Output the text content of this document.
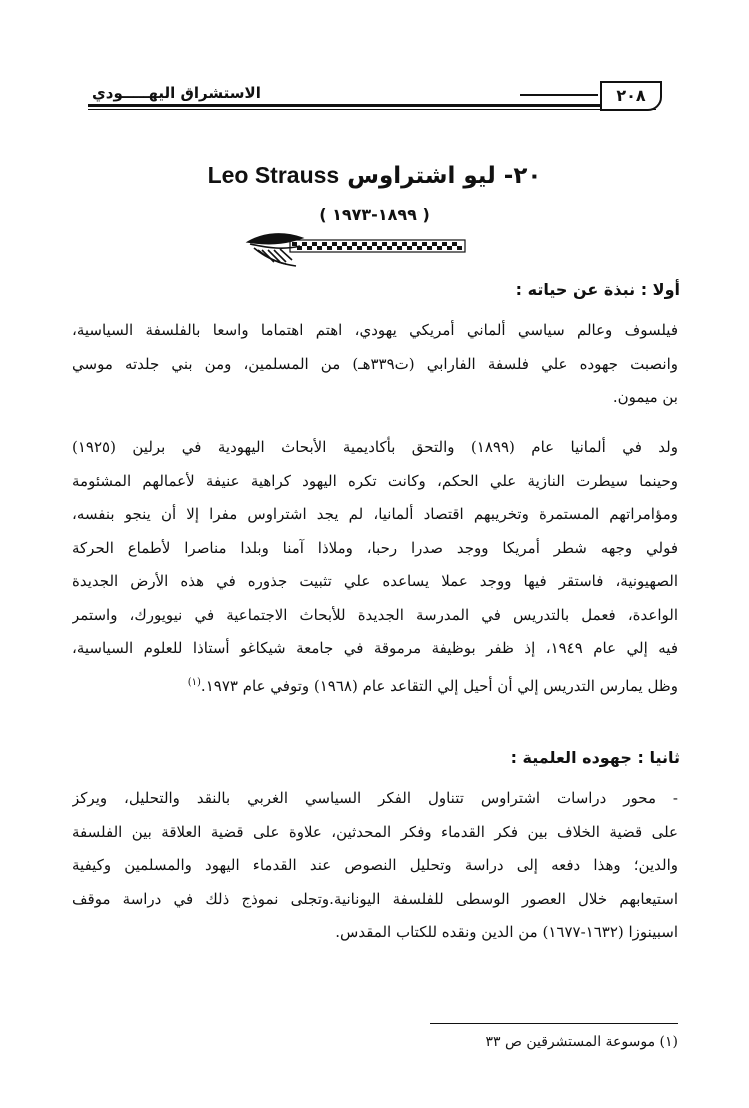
٢٠٨
الاستشراق اليهـــــودي
٢٠- ليو اشتراوس Leo Strauss
( ١٨٩٩-١٩٧٣ )
أولا : نبذة عن حياته :
فيلسوف وعالم سياسي ألماني أمريكي يهودي، اهتم اهتماما واسعا بالفلسفة السياسية،
وانصبت جهوده علي فلسفة الفارابي (ت٣٣٩هـ) من المسلمين، ومن بني جلدته موسي
بن ميمون.
ولد في ألمانيا عام (١٨٩٩) والتحق بأكاديمية الأبحاث اليهودية في برلين (١٩٢٥)
وحينما سيطرت النازية علي الحكم، وكانت تكره اليهود كراهية عنيفة لأعمالهم المشئومة
ومؤامراتهم المستمرة وتخريبهم اقتصاد ألمانيا، لم يجد اشتراوس مفرا إلا أن ينجو بنفسه،
فولي وجهه شطر أمريكا ووجد صدرا رحبا، وملاذا آمنا وبلدا مناصرا لأطماع الحركة
الصهيونية، فاستقر فيها ووجد عملا يساعده علي تثبيت جذوره في هذه الأرض الجديدة
الواعدة، فعمل بالتدريس في المدرسة الجديدة للأبحاث الاجتماعية في نيويورك، واستمر
فيه إلي عام ١٩٤٩، إذ ظفر بوظيفة مرموقة في جامعة شيكاغو أستاذا للعلوم السياسية،
وظل يمارس التدريس إلي أن أحيل إلي التقاعد عام (١٩٦٨) وتوفي عام ١٩٧٣.$^{(١)}$
ثانيا : جهوده العلمية :
- محور دراسات اشتراوس تتناول الفكر السياسي الغربي بالنقد والتحليل، ويركز
على قضية الخلاف بين فكر القدماء وفكر المحدثين، علاوة على قضية العلاقة بين الفلسفة
والدين؛ وهذا دفعه إلى دراسة وتحليل النصوص عند القدماء اليهود والمسلمين وكيفية
استيعابهم خلال العصور الوسطى للفلسفة اليونانية.وتجلى نموذج ذلك في دراسة موقف
اسبينوزا (١٦٣٢-١٦٧٧) من الدين ونقده للكتاب المقدس.
(١) موسوعة المستشرقين ص ٣٣
